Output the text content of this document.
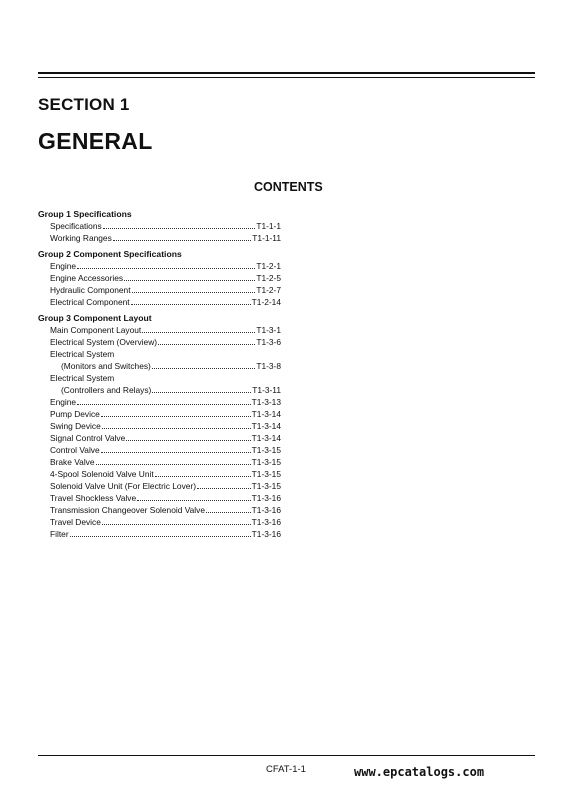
SECTION 1
GENERAL
CONTENTS
Group 1 Specifications
Specifications	T1-1-1
Working Ranges	T1-1-11
Group 2 Component Specifications
Engine	T1-2-1
Engine Accessories	T1-2-5
Hydraulic Component	T1-2-7
Electrical Component	T1-2-14
Group 3 Component Layout
Main Component Layout	T1-3-1
Electrical System (Overview)	T1-3-6
Electrical System
(Monitors and Switches)	T1-3-8
Electrical System
(Controllers and Relays)	T1-3-11
Engine	T1-3-13
Pump Device	T1-3-14
Swing Device	T1-3-14
Signal Control Valve	T1-3-14
Control Valve	T1-3-15
Brake Valve	T1-3-15
4-Spool Solenoid Valve Unit	T1-3-15
Solenoid Valve Unit (For Electric Lover)	T1-3-15
Travel Shockless Valve	T1-3-16
Transmission Changeover Solenoid Valve	T1-3-16
Travel Device	T1-3-16
Filter	T1-3-16
CFAT-1-1	www.epcatalogs.com
